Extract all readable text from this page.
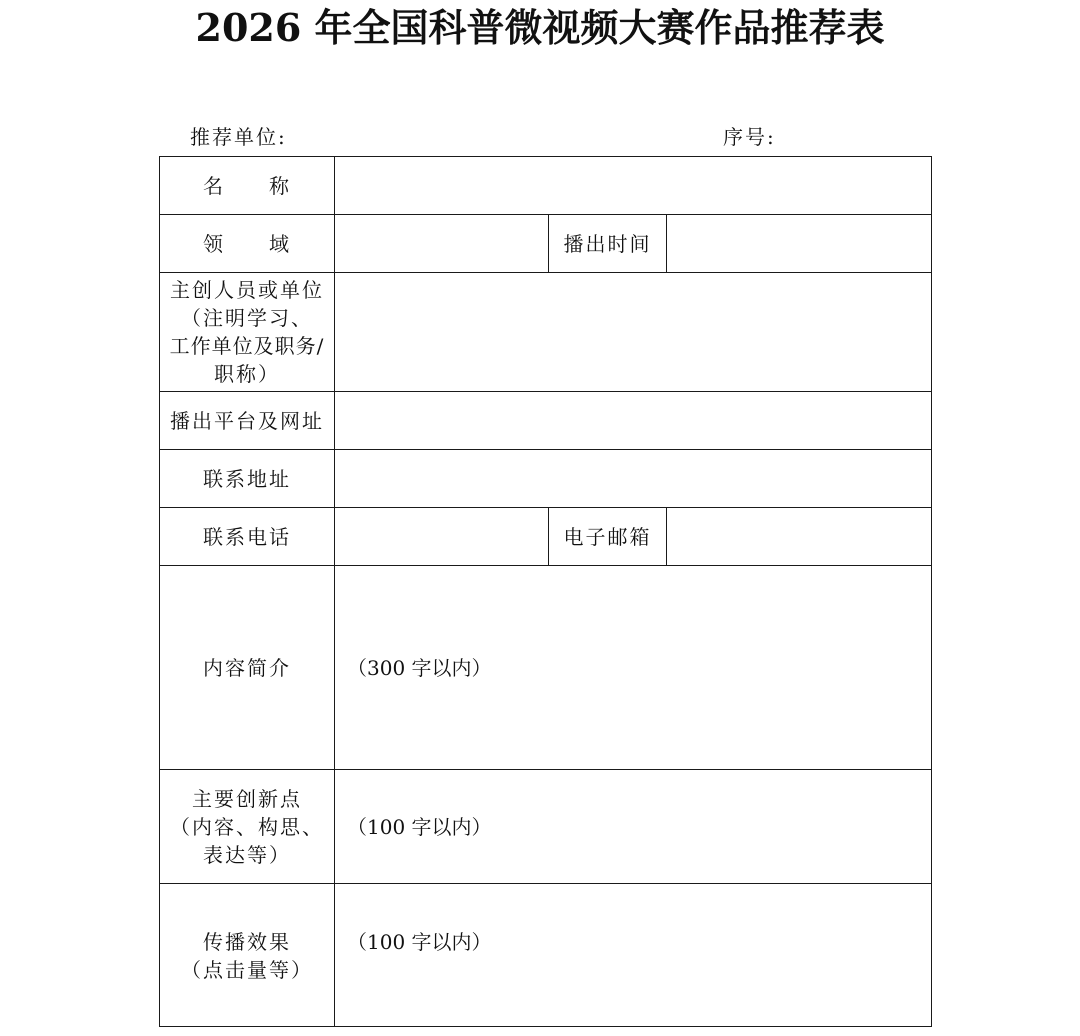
2026 年全国科普微视频大赛作品推荐表
推荐单位:	序号:
名　　称			
领　　域		播出时间	

主创人员或单位
（注明学习、
工作单位及职务/
职称）			

播出平台及网址			
联系地址			
联系电话		电子邮箱	
内容简介	（300 字以内）		

主要创新点
（内容、构思、
表达等）	（100 字以内）		

传播效果
（点击量等）	（100 字以内）		
